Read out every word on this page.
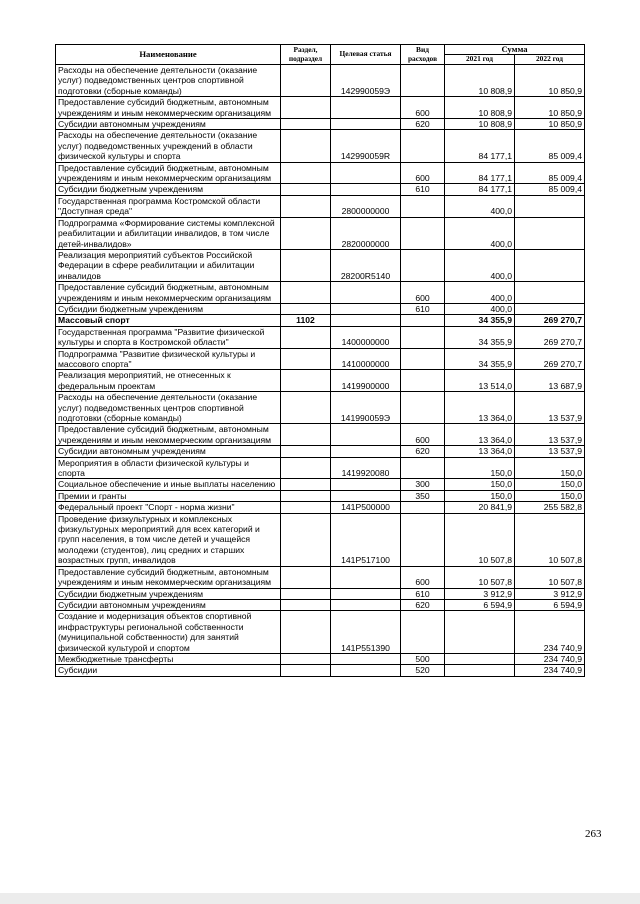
Наименование	Раздел, подраздел	Целевая статья	Вид расходов	Сумма	
				2021 год	2022 год
Расходы на обеспечение деятельности (оказание услуг) подведомственных центров спортивной подготовки (сборные команды)		142990059Э		10 808,9	10 850,9
Предоставление субсидий бюджетным, автономным учреждениям и иным некоммерческим организациям			600	10 808,9	10 850,9
Субсидии автономным учреждениям			620	10 808,9	10 850,9
Расходы на обеспечение деятельности (оказание услуг) подведомственных учреждений в области физической культуры и спорта		142990059R		84 177,1	85 009,4
Предоставление субсидий бюджетным, автономным учреждениям и иным некоммерческим организациям			600	84 177,1	85 009,4
Субсидии бюджетным учреждениям			610	84 177,1	85 009,4
Государственная программа Костромской области "Доступная среда"		2800000000		400,0	
Подпрограмма «Формирование системы комплексной реабилитации и абилитации инвалидов, в том числе детей-инвалидов»		2820000000		400,0	
Реализация мероприятий субъектов Российской Федерации в сфере реабилитации и абилитации инвалидов		28200R5140		400,0	
Предоставление субсидий бюджетным, автономным учреждениям и иным некоммерческим организациям			600	400,0	
Субсидии бюджетным учреждениям			610	400,0	
Массовый спорт	1102			34 355,9	269 270,7
Государственная программа "Развитие физической культуры и спорта в Костромской области"		1400000000		34 355,9	269 270,7
Подпрограмма "Развитие физической культуры и массового спорта"		1410000000		34 355,9	269 270,7
Реализация мероприятий, не отнесенных к федеральным проектам		1419900000		13 514,0	13 687,9
Расходы на обеспечение деятельности (оказание услуг) подведомственных центров спортивной подготовки (сборные команды)		141990059Э		13 364,0	13 537,9
Предоставление субсидий бюджетным, автономным учреждениям и иным некоммерческим организациям			600	13 364,0	13 537,9
Субсидии автономным учреждениям			620	13 364,0	13 537,9
Мероприятия в области физической культуры и спорта		1419920080		150,0	150,0
Социальное обеспечение и иные выплаты населению			300	150,0	150,0
Премии и гранты			350	150,0	150,0
Федеральный проект "Спорт - норма жизни"		141P500000		20 841,9	255 582,8
Проведение физкультурных и комплексных физкультурных мероприятий для всех категорий и групп населения, в том числе детей и учащейся молодежи (студентов), лиц средних и старших возрастных групп, инвалидов		141P517100		10 507,8	10 507,8
Предоставление субсидий бюджетным, автономным учреждениям и иным некоммерческим организациям			600	10 507,8	10 507,8
Субсидии бюджетным учреждениям			610	3 912,9	3 912,9
Субсидии автономным учреждениям			620	6 594,9	6 594,9
Создание и модернизация объектов спортивной инфраструктуры региональной собственности (муниципальной собственности) для занятий физической культурой и спортом		141P551390			234 740,9
Межбюджетные трансферты			500		234 740,9
Субсидии			520		234 740,9
263
